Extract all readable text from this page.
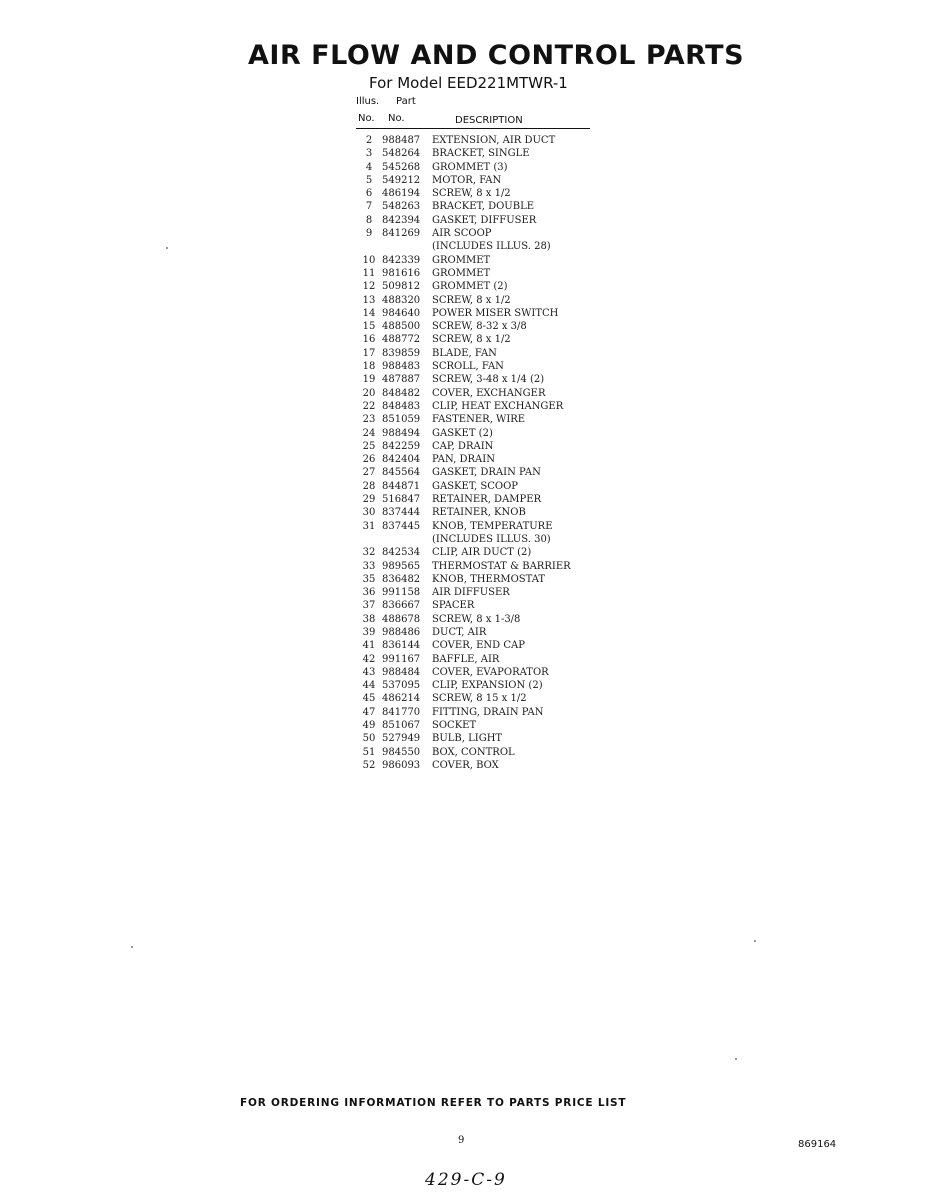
AIR FLOW AND CONTROL PARTS
For Model EED221MTWR-1
Illus. Part
No. No.	DESCRIPTION
2 988487	EXTENSION, AIR DUCT
3 548264	BRACKET, SINGLE
4 545268	GROMMET (3)
5 549212	MOTOR, FAN
6 486194	SCREW, 8 x 1/2
7 548263	BRACKET, DOUBLE
8 842394	GASKET, DIFFUSER
9 841269	AIR SCOOP
(INCLUDES ILLUS. 28)
10 842339	GROMMET
11 981616	GROMMET
12 509812	GROMMET (2)
13 488320	SCREW, 8 x 1/2
14 984640	POWER MISER SWITCH
15 488500	SCREW, 8-32 x 3/8
16 488772	SCREW, 8 x 1/2
17 839859	BLADE, FAN
18 988483	SCROLL, FAN
19 487887	SCREW, 3-48 x 1/4 (2)
20 848482	COVER, EXCHANGER
22 848483	CLIP, HEAT EXCHANGER
23 851059	FASTENER, WIRE
24 988494	GASKET (2)
25 842259	CAP, DRAIN
26 842404	PAN, DRAIN
27 845564	GASKET, DRAIN PAN
28 844871	GASKET, SCOOP
29 516847	RETAINER, DAMPER
30 837444	RETAINER, KNOB
31 837445	KNOB, TEMPERATURE
(INCLUDES ILLUS. 30)
32 842534	CLIP, AIR DUCT (2)
33 989565	THERMOSTAT & BARRIER
35 836482	KNOB, THERMOSTAT
36 991158	AIR DIFFUSER
37 836667	SPACER
38 488678	SCREW, 8 x 1-3/8
39 988486	DUCT, AIR
41 836144	COVER, END CAP
42 991167	BAFFLE, AIR
43 988484	COVER, EVAPORATOR
44 537095	CLIP, EXPANSION (2)
45 486214	SCREW, 8 15 x 1/2
47 841770	FITTING, DRAIN PAN
49 851067	SOCKET
50 527949	BULB, LIGHT
51 984550	BOX, CONTROL
52 986093	COVER, BOX
FOR ORDERING INFORMATION REFER TO PARTS PRICE LIST
9	869164
429-C-9
